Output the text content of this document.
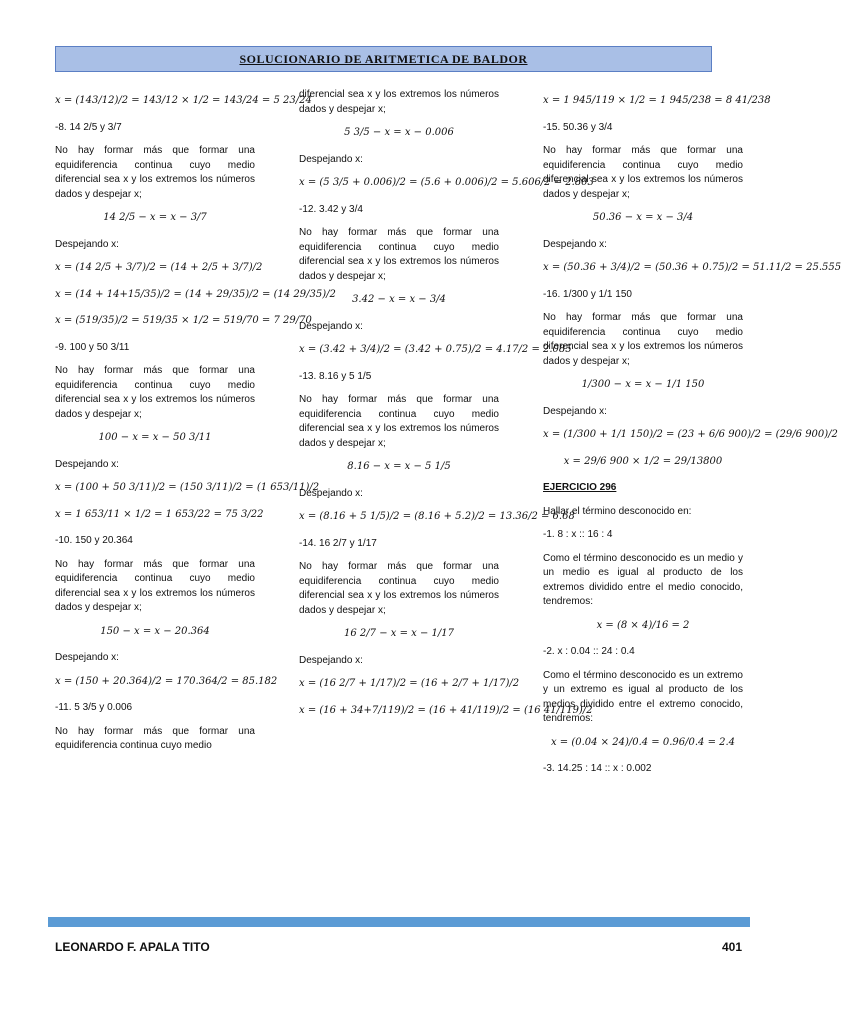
SOLUCIONARIO DE ARITMETICA DE BALDOR
x = (143/12)/2 = 143/12 × 1/2 = 143/24 = 5 23/24
-8. 14 2/5 y 3/7

No hay formar más que formar una equidiferencia continua cuyo medio diferencial sea x y los extremos los números dados y despejar x;

14 2/5 − x = x − 3/7
Despejando x:
x = (14 2/5 + 3/7)/2 = (14 + 2/5 + 3/7)/2
x = (14 + 14+15/35)/2 = (14 + 29/35)/2 = (14 29/35)/2
x = (519/35)/2 = 519/35 × 1/2 = 519/70 = 7 29/70
-9. 100 y 50 3/11

No hay formar más que formar una equidiferencia continua cuyo medio diferencial sea x y los extremos los números dados y despejar x;

100 − x = x − 50 3/11
Despejando x:
x = (100 + 50 3/11)/2 = (150 3/11)/2 = (1 653/11)/2
x = 1 653/11 × 1/2 = 1 653/22 = 75 3/22
-10. 150 y 20.364

No hay formar más que formar una equidiferencia continua cuyo medio diferencial sea x y los extremos los números dados y despejar x;

150 − x = x − 20.364
Despejando x:
x = (150 + 20.364)/2 = 170.364/2 = 85.182
-11. 5 3/5 y 0.006

No hay formar más que formar una equidiferencia continua cuyo medio

diferencial sea x y los extremos los números dados y despejar x;

5 3/5 − x = x − 0.006
Despejando x:
x = (5 3/5 + 0.006)/2 = (5.6 + 0.006)/2 = 5.606/2 = 2.803
-12. 3.42 y 3/4

No hay formar más que formar una equidiferencia continua cuyo medio diferencial sea x y los extremos los números dados y despejar x;

3.42 − x = x − 3/4
Despejando x:
x = (3.42 + 3/4)/2 = (3.42 + 0.75)/2 = 4.17/2 = 2.085
-13. 8.16 y 5 1/5

No hay formar más que formar una equidiferencia continua cuyo medio diferencial sea x y los extremos los números dados y despejar x;

8.16 − x = x − 5 1/5
Despejando x:
x = (8.16 + 5 1/5)/2 = (8.16 + 5.2)/2 = 13.36/2 = 6.68
-14. 16 2/7 y 1/17

No hay formar más que formar una equidiferencia continua cuyo medio diferencial sea x y los extremos los números dados y despejar x;

16 2/7 − x = x − 1/17
Despejando x:
x = (16 2/7 + 1/17)/2 = (16 + 2/7 + 1/17)/2
x = (16 + 34+7/119)/2 = (16 + 41/119)/2 = (16 41/119)/2
x = 1 945/119 × 1/2 = 1 945/238 = 8 41/238
-15. 50.36 y 3/4

No hay formar más que formar una equidiferencia continua cuyo medio diferencial sea x y los extremos los números dados y despejar x;

50.36 − x = x − 3/4
Despejando x:
x = (50.36 + 3/4)/2 = (50.36 + 0.75)/2 = 51.11/2 = 25.555
-16. 1/300 y 1/1 150

No hay formar más que formar una equidiferencia continua cuyo medio diferencial sea x y los extremos los números dados y despejar x;

1/300 − x = x − 1/1 150
Despejando x:
x = (1/300 + 1/1 150)/2 = (23 + 6/6 900)/2 = (29/6 900)/2
x = 29/6 900 × 1/2 = 29/13800
EJERCICIO 296
Hallar el término desconocido en:
-1. 8 : x :: 16 : 4

Como el término desconocido es un medio y un medio es igual al producto de los extremos dividido entre el medio conocido, tendremos:

x = (8 × 4)/16 = 2
-2. x : 0.04 :: 24 : 0.4

Como el término desconocido es un extremo y un extremo es igual al producto de los medios dividido entre el extremo conocido, tendremos:

x = (0.04 × 24)/0.4 = 0.96/0.4 = 2.4
-3. 14.25 : 14 :: x : 0.002
LEONARDO F. APALA TITO	401
